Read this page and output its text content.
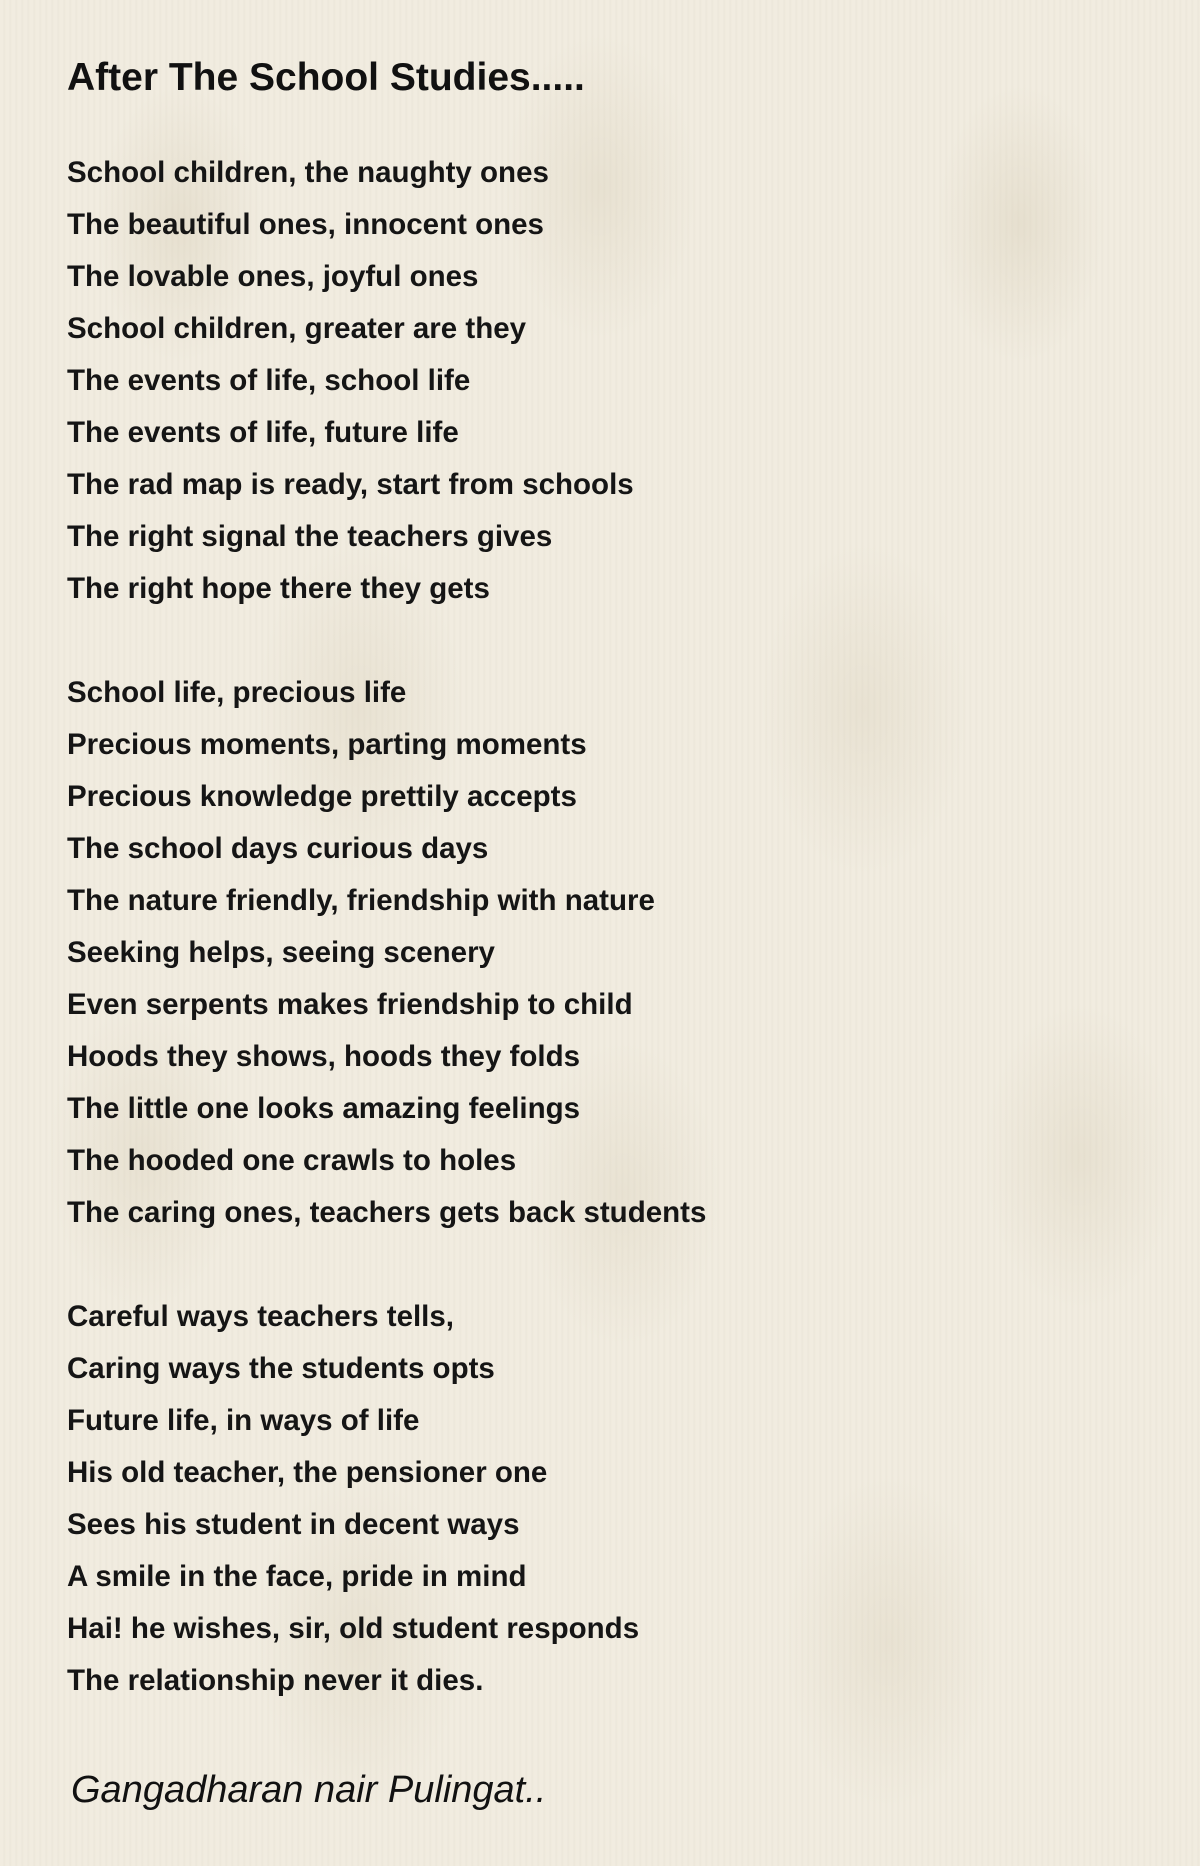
After The School Studies.....
School children, the naughty ones
The beautiful ones, innocent ones
The lovable ones, joyful ones
School children, greater are they
The events of life, school life
The events of life, future life
The rad map is ready, start from schools
The right signal the teachers gives
The right hope there they gets
School life, precious life
Precious moments, parting moments
Precious knowledge prettily accepts
The school days curious days
The nature friendly, friendship with nature
Seeking helps, seeing scenery
Even serpents makes friendship to child
Hoods they shows, hoods they folds
The little one looks amazing feelings
The hooded one crawls to holes
The caring ones, teachers gets back students
Careful ways teachers tells,
Caring ways the students opts
Future life, in ways of life
His old teacher, the pensioner one
Sees his student in decent ways
A smile in the face, pride in mind
Hai! he wishes, sir, old student responds
The relationship never it dies.
Gangadharan nair Pulingat..
